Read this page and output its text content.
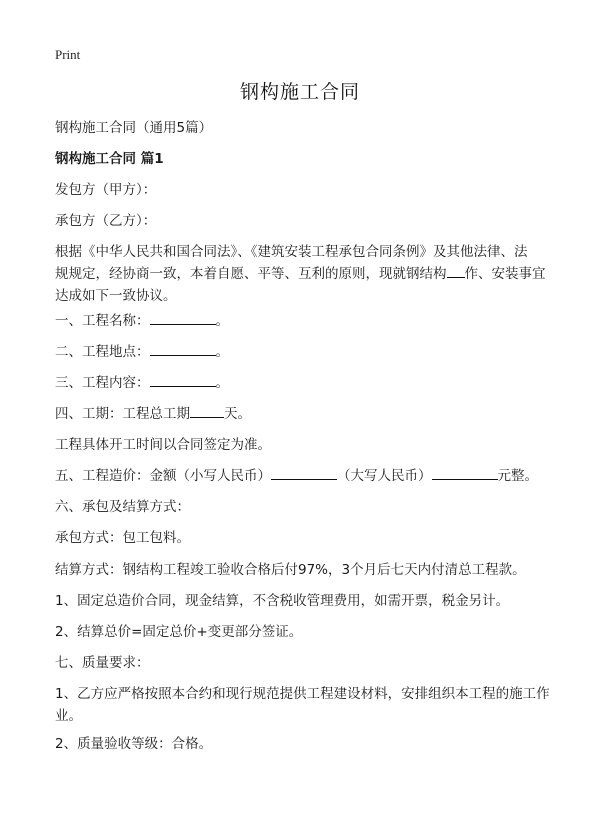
Print
钢构施工合同
钢构施工合同（通用5篇）
钢构施工合同 篇1
发包方（甲方）：
承包方（乙方）：
根据《中华人民共和国合同法》、《建筑安装工程承包合同条例》及其他法律、法
规规定，经协商一致，本着自愿、平等、互利的原则，现就钢结构 作、安装事宜
达成如下一致协议。
一、工程名称：	。
二、工程地点：	。
三、工程内容：	。
四、工期：工程总工期	天。
工程具体开工时间以合同签定为准。
五、工程造价：金额（小写人民币）	（大写人民币）	元整。
六、承包及结算方式：
承包方式：包工包料。
结算方式：钢结构工程竣工验收合格后付97%，3个月后七天内付清总工程款。
1、固定总造价合同，现金结算，不含税收管理费用，如需开票，税金另计。
2、结算总价=固定总价+变更部分签证。
七、质量要求：
1、乙方应严格按照本合约和现行规范提供工程建设材料，安排组织本工程的施工作业。
2、质量验收等级：合格。
